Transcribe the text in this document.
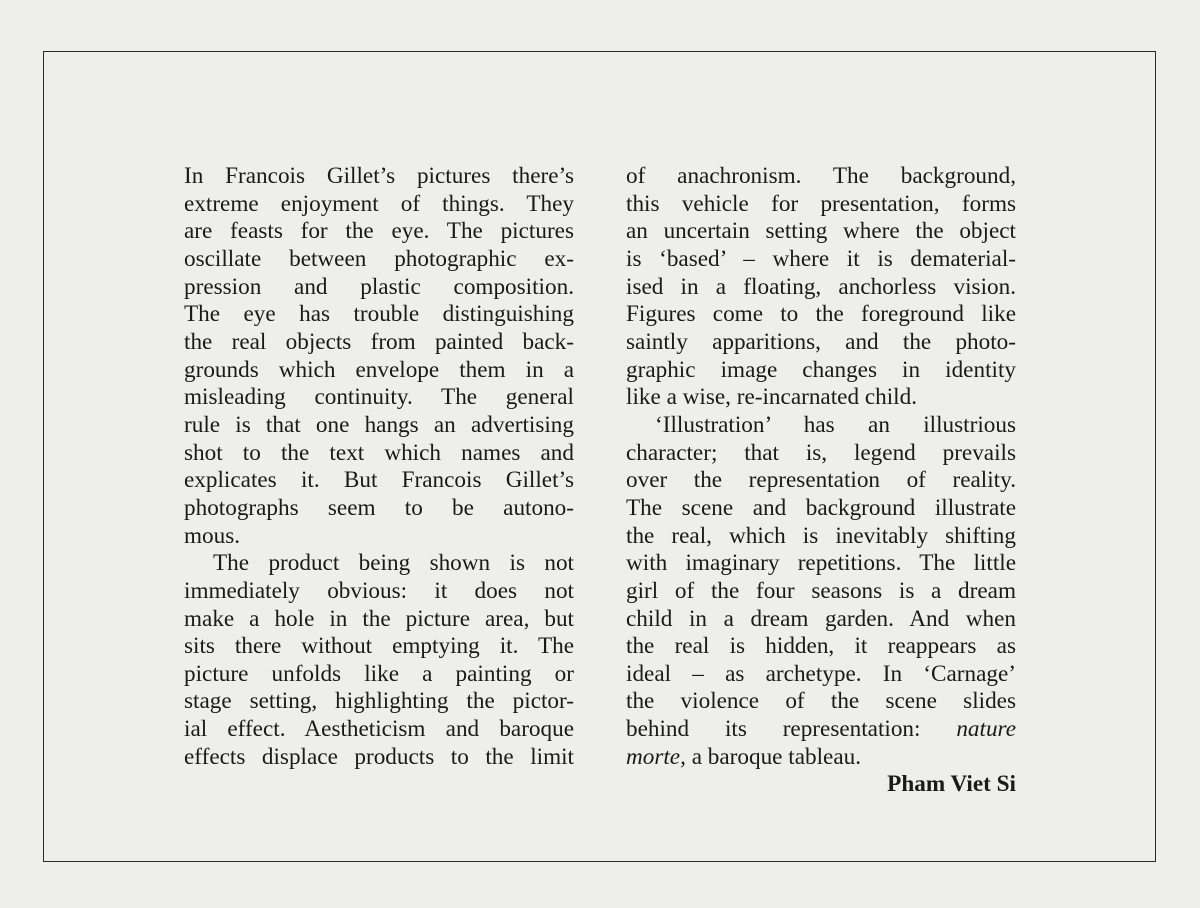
In Francois Gillet’s pictures there’s
extreme enjoyment of things. They
are feasts for the eye. The pictures
oscillate between photographic ex-
pression and plastic composition.
The eye has trouble distinguishing
the real objects from painted back-
grounds which envelope them in a
misleading continuity. The general
rule is that one hangs an advertising
shot to the text which names and
explicates it. But Francois Gillet’s
photographs seem to be autono-
mous.
The product being shown is not
immediately obvious: it does not
make a hole in the picture area, but
sits there without emptying it. The
picture unfolds like a painting or
stage setting, highlighting the pictor-
ial effect. Aestheticism and baroque
effects displace products to the limit
of anachronism. The background,
this vehicle for presentation, forms
an uncertain setting where the object
is ‘based’ – where it is dematerial-
ised in a floating, anchorless vision.
Figures come to the foreground like
saintly apparitions, and the photo-
graphic image changes in identity
like a wise, re-incarnated child.
‘Illustration’ has an illustrious
character; that is, legend prevails
over the representation of reality.
The scene and background illustrate
the real, which is inevitably shifting
with imaginary repetitions. The little
girl of the four seasons is a dream
child in a dream garden. And when
the real is hidden, it reappears as
ideal – as archetype. In ‘Carnage’
the violence of the scene slides
behind its representation: nature
morte, a baroque tableau.
Pham Viet Si
